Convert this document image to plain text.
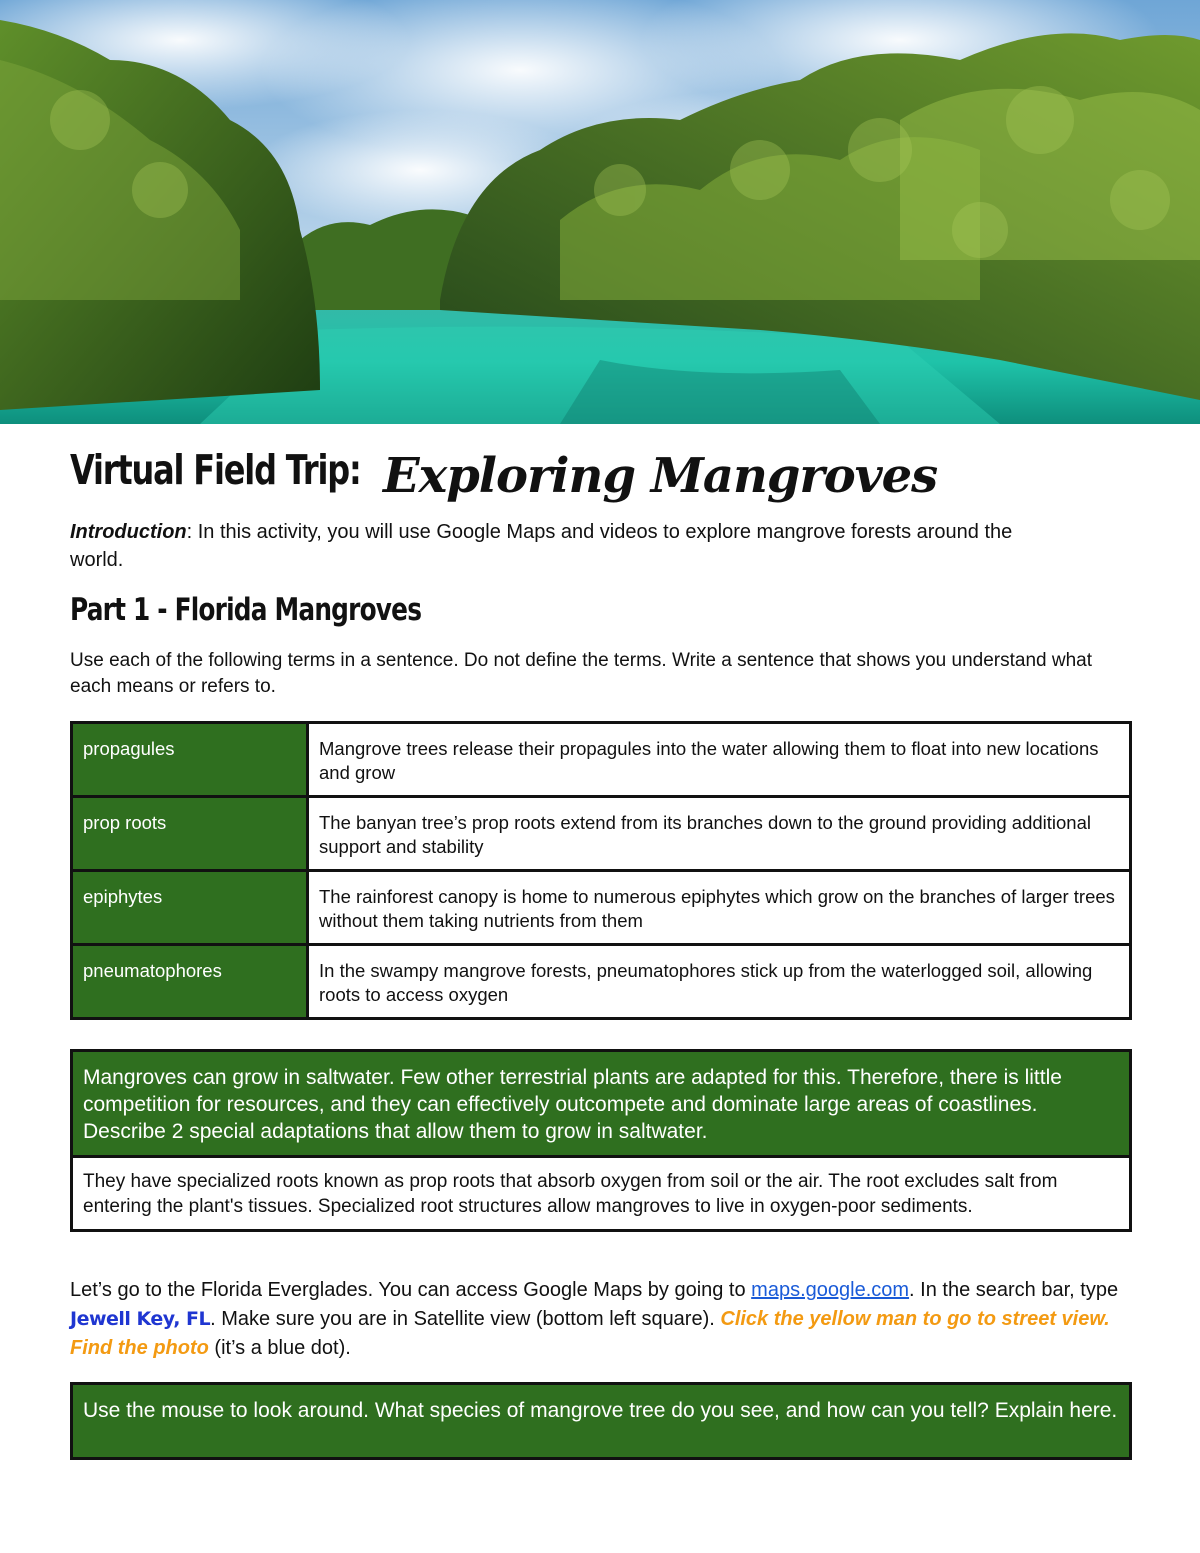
Virtual Field Trip: Exploring Mangroves
Introduction: In this activity, you will use Google Maps and videos to explore mangrove forests around the world.
Part 1 - Florida Mangroves
Use each of the following terms in a sentence. Do not define the terms. Write a sentence that shows you understand what each means or refers to.
propagules	Mangrove trees release their propagules into the water allowing them to float into new locations and grow
prop roots	The banyan tree’s prop roots extend from its branches down to the ground providing additional support and stability
epiphytes	The rainforest canopy is home to numerous epiphytes which grow on the branches of larger trees without them taking nutrients from them
pneumatophores	In the swampy mangrove forests, pneumatophores stick up from the waterlogged soil, allowing roots to access oxygen
Mangroves can grow in saltwater. Few other terrestrial plants are adapted for this. Therefore, there is little competition for resources, and they can effectively outcompete and dominate large areas of coastlines. Describe 2 special adaptations that allow them to grow in saltwater.
They have specialized roots known as prop roots that absorb oxygen from soil or the air. The root excludes salt from entering the plant's tissues. Specialized root structures allow mangroves to live in oxygen-poor sediments.
Let’s go to the Florida Everglades. You can access Google Maps by going to maps.google.com. In the search bar, type Jewell Key, FL. Make sure you are in Satellite view (bottom left square). Click the yellow man to go to street view. Find the photo (it’s a blue dot).
Use the mouse to look around. What species of mangrove tree do you see, and how can you tell? Explain here.
